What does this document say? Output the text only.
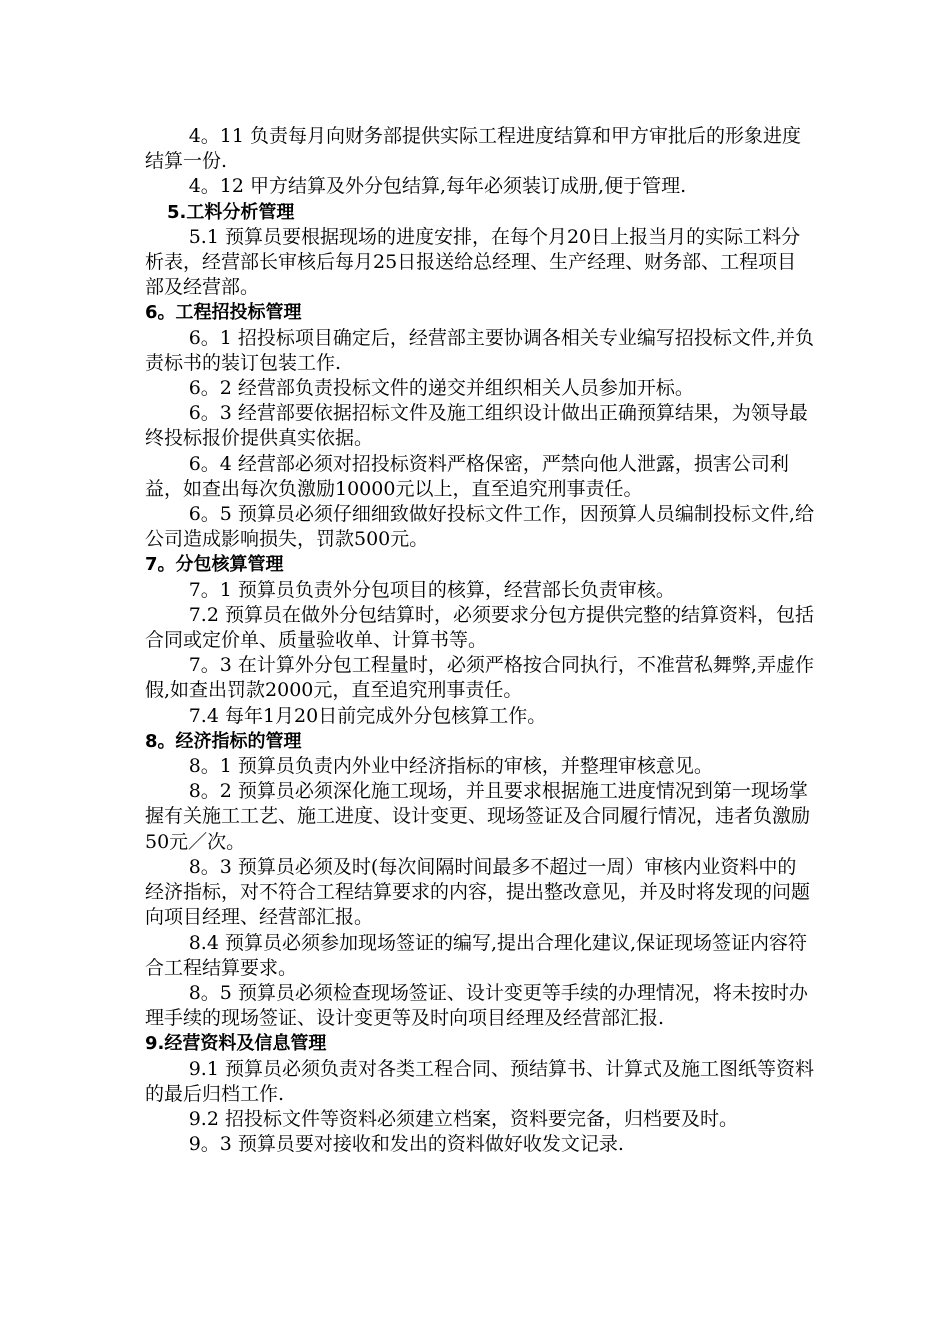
4。11 负责每月向财务部提供实际工程进度结算和甲方审批后的形象进度结算一份.

4。12 甲方结算及外分包结算,每年必须装订成册,便于管理.

5.工料分析管理

5.1 预算员要根据现场的进度安排，在每个月20日上报当月的实际工料分析表，经营部长审核后每月25日报送给总经理、生产经理、财务部、工程项目部及经营部。

6。工程招投标管理

6。1 招投标项目确定后，经营部主要协调各相关专业编写招投标文件,并负责标书的装订包装工作.

6。2 经营部负责投标文件的递交并组织相关人员参加开标。

6。3 经营部要依据招标文件及施工组织设计做出正确预算结果，为领导最终投标报价提供真实依据。

6。4 经营部必须对招投标资料严格保密，严禁向他人泄露，损害公司利益，如查出每次负激励10000元以上，直至追究刑事责任。

6。5 预算员必须仔细细致做好投标文件工作，因预算人员编制投标文件,给公司造成影响损失，罚款500元。

7。分包核算管理

7。1 预算员负责外分包项目的核算，经营部长负责审核。

7.2 预算员在做外分包结算时，必须要求分包方提供完整的结算资料，包括合同或定价单、质量验收单、计算书等。

7。3 在计算外分包工程量时，必须严格按合同执行，不准营私舞弊,弄虚作假,如查出罚款2000元，直至追究刑事责任。

7.4 每年1月20日前完成外分包核算工作。

8。经济指标的管理

8。1 预算员负责内外业中经济指标的审核，并整理审核意见。

8。2 预算员必须深化施工现场，并且要求根据施工进度情况到第一现场掌握有关施工工艺、施工进度、设计变更、现场签证及合同履行情况，违者负激励50元／次。

8。3 预算员必须及时(每次间隔时间最多不超过一周）审核内业资料中的经济指标，对不符合工程结算要求的内容，提出整改意见，并及时将发现的问题向项目经理、经营部汇报。

8.4 预算员必须参加现场签证的编写,提出合理化建议,保证现场签证内容符合工程结算要求。

8。5 预算员必须检查现场签证、设计变更等手续的办理情况，将未按时办理手续的现场签证、设计变更等及时向项目经理及经营部汇报.

9.经营资料及信息管理

9.1 预算员必须负责对各类工程合同、预结算书、计算式及施工图纸等资料的最后归档工作.

9.2 招投标文件等资料必须建立档案，资料要完备，归档要及时。

9。3 预算员要对接收和发出的资料做好收发文记录.
